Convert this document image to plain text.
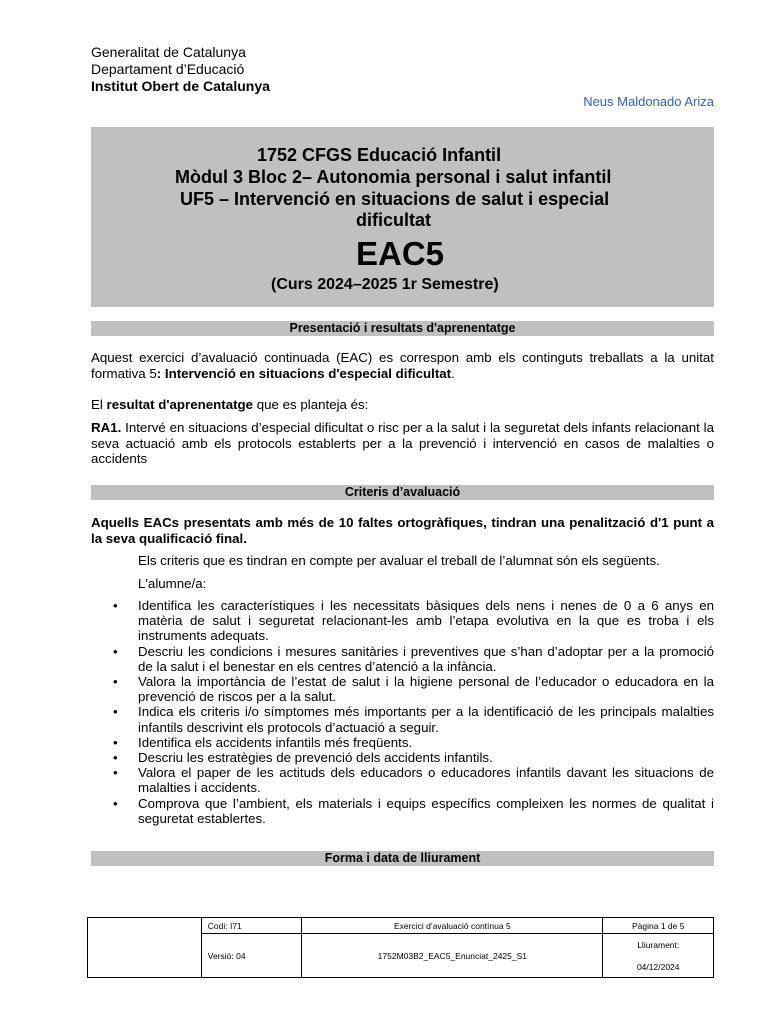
Generalitat de Catalunya
Departament d’Educació
Institut Obert de Catalunya
Neus Maldonado Ariza
1752 CFGS Educació Infantil
Mòdul 3 Bloc 2– Autonomia personal i salut infantil
UF5 – Intervenció en situacions de salut i especial
dificultat
EAC5
(Curs 2024–2025 1r Semestre)
Presentació i resultats d'aprenentatge
Aquest exercici d’avaluació continuada (EAC) es correspon amb els continguts treballats a la unitat formativa 5: Intervenció en situacions d'especial dificultat.
El resultat d'aprenentatge que es planteja és:
RA1. Intervé en situacions d’especial dificultat o risc per a la salut i la seguretat dels infants relacionant la seva actuació amb els protocols establerts per a la prevenció i intervenció en casos de malalties o accidents
Criteris d’avaluació
Aquells EACs presentats amb més de 10 faltes ortogràfiques, tindran una penalització d'1 punt a la seva qualificació final.
Els criteris que es tindran en compte per avaluar el treball de l’alumnat són els següents.
L'alumne/a:
• Identifica les característiques i les necessitats bàsiques dels nens i nenes de 0 a 6 anys en matèria de salut i seguretat relacionant-les amb l’etapa evolutiva en la que es troba i els instruments adequats.
• Descriu les condicions i mesures sanitàries i preventives que s’han d’adoptar per a la promoció de la salut i el benestar en els centres d’atenció a la infància.
• Valora la importància de l’estat de salut i la higiene personal de l’educador o educadora en la prevenció de riscos per a la salut.
• Indica els criteris i/o símptomes més importants per a la identificació de les principals malalties infantils descrivint els protocols d’actuació a seguir.
• Identifica els accidents infantils més freqüents.
• Descriu les estratègies de prevenció dels accidents infantils.
• Valora el paper de les actituds dels educadors o educadores infantils davant les situacions de malalties i accidents.
• Comprova que l’ambient, els materials i equips específics compleixen les normes de qualitat i seguretat establertes.
Forma i data de lliurament
	Codi: I71	Exercici d’avaluació contínua 5	Pàgina 1 de 5
	Versió: 04	1752M03B2_EAC5_Enunciat_2425_S1	Lliurament:
04/12/2024
